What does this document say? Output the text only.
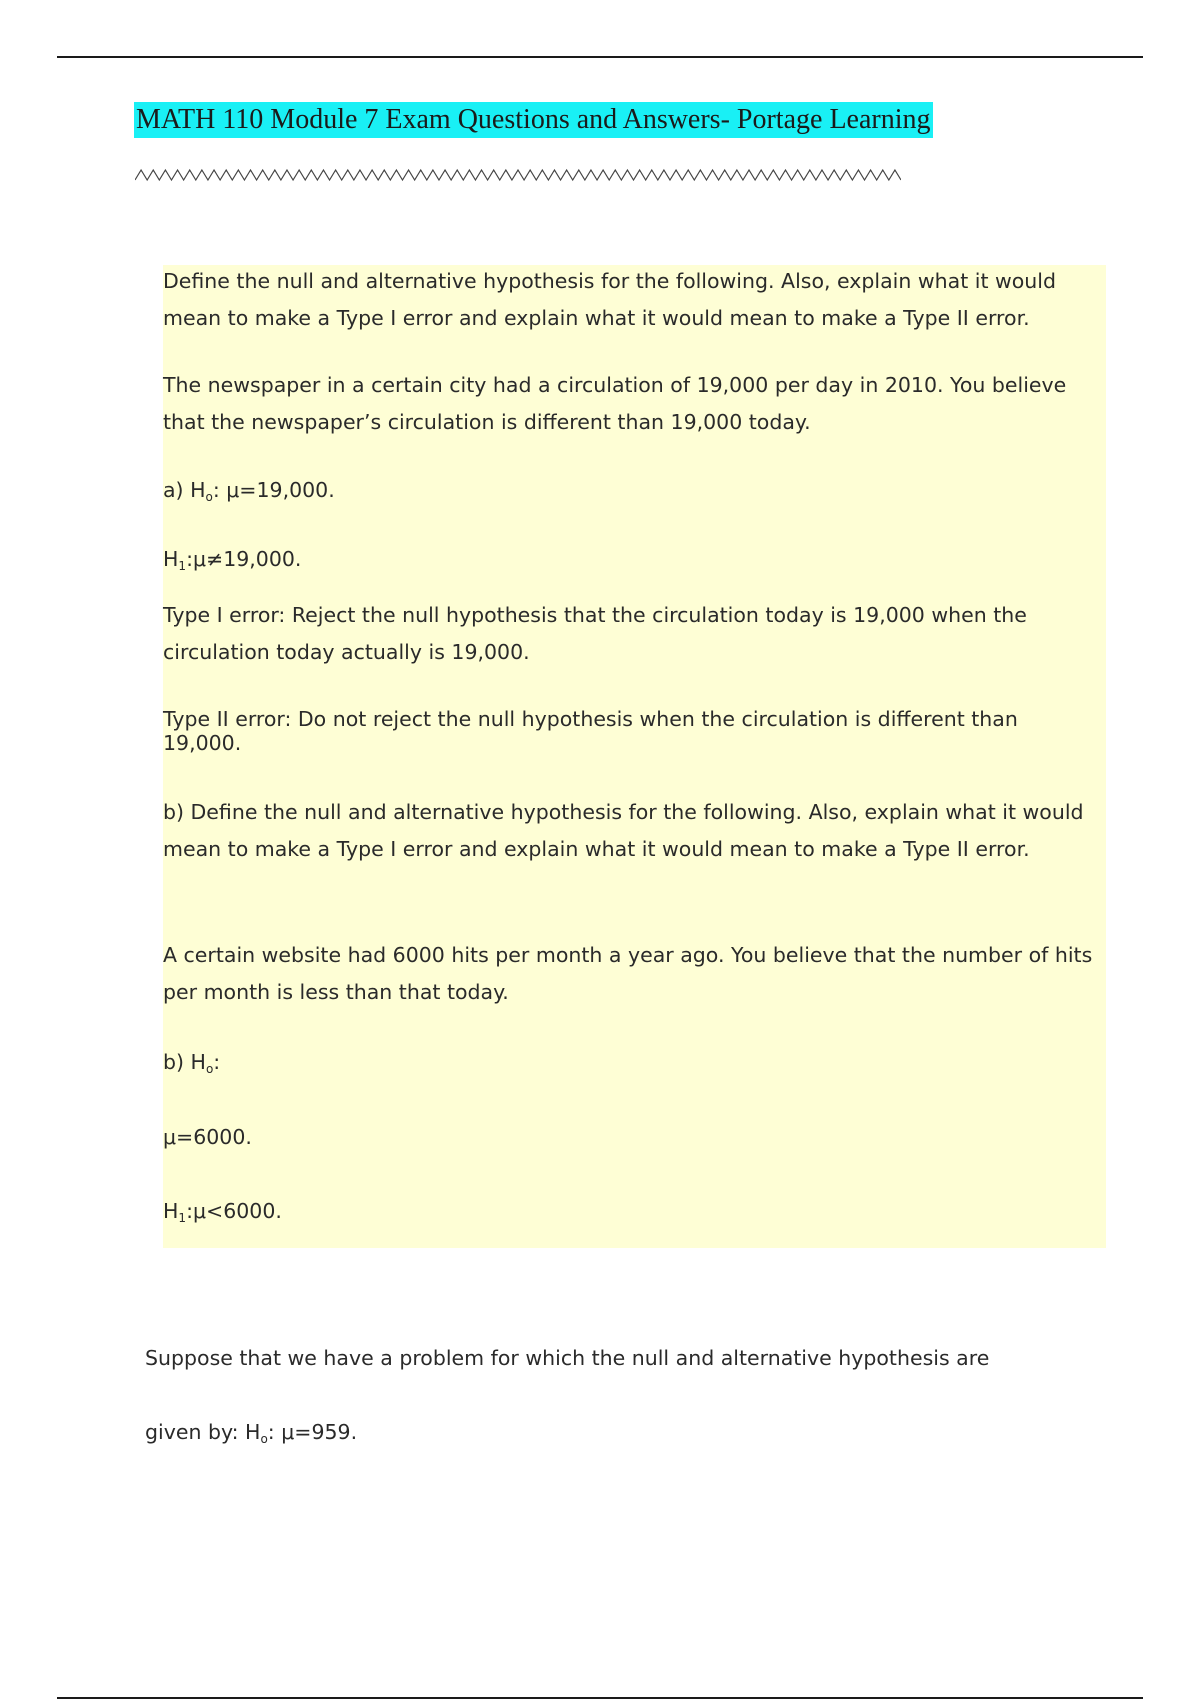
MATH 110 Module 7 Exam Questions and Answers- Portage Learning

Define the null and alternative hypothesis for the following. Also, explain what it would mean to make a Type I error and explain what it would mean to make a Type II error.

The newspaper in a certain city had a circulation of 19,000 per day in 2010. You believe that the newspaper’s circulation is different than 19,000 today.

a) $H_o$: μ=19,000.

$H_1:\mu\ne 19,000$.

Type I error: Reject the null hypothesis that the circulation today is 19,000 when the circulation today actually is 19,000.

Type II error: Do not reject the null hypothesis when the circulation is different than 19,000.

b) Define the null and alternative hypothesis for the following. Also, explain what it would mean to make a Type I error and explain what it would mean to make a Type II error.

A certain website had 6000 hits per month a year ago. You believe that the number of hits per month is less than that today.

b) $H_o$:

μ=6000.

$H_1:\mu<6000$.

Suppose that we have a problem for which the null and alternative hypothesis are

given by: $H_o$: μ=959.
